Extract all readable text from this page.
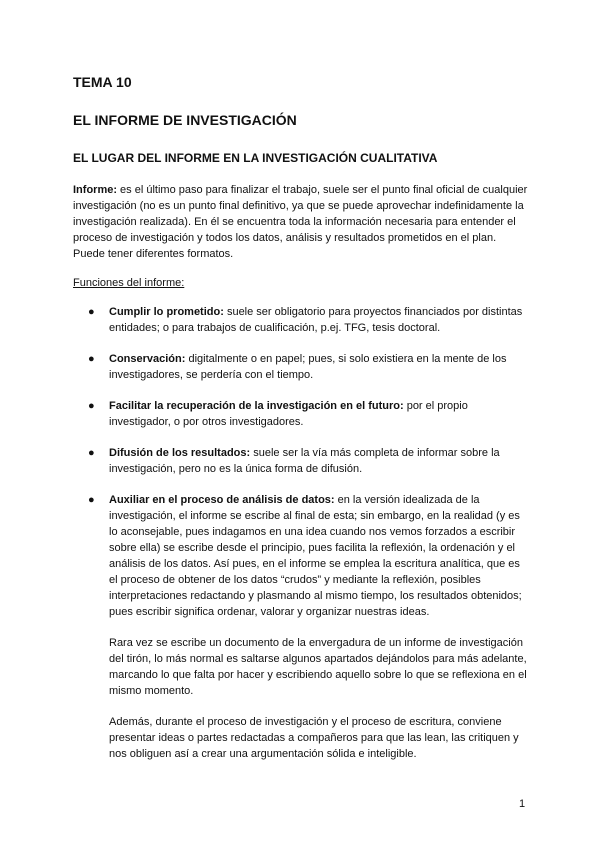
TEMA 10
EL INFORME DE INVESTIGACIÓN
EL LUGAR DEL INFORME EN LA INVESTIGACIÓN CUALITATIVA

Informe: es el último paso para finalizar el trabajo, suele ser el punto final oficial de cualquier investigación (no es un punto final definitivo, ya que se puede aprovechar indefinidamente la investigación realizada). En él se encuentra toda la información necesaria para entender el proceso de investigación y todos los datos, análisis y resultados prometidos en el plan. Puede tener diferentes formatos.

Funciones del informe:

● Cumplir lo prometido: suele ser obligatorio para proyectos financiados por distintas entidades; o para trabajos de cualificación, p.ej. TFG, tesis doctoral.
● Conservación: digitalmente o en papel; pues, si solo existiera en la mente de los investigadores, se perdería con el tiempo.
● Facilitar la recuperación de la investigación en el futuro: por el propio investigador, o por otros investigadores.
● Difusión de los resultados: suele ser la vía más completa de informar sobre la investigación, pero no es la única forma de difusión.
● Auxiliar en el proceso de análisis de datos: en la versión idealizada de la investigación, el informe se escribe al final de esta; sin embargo, en la realidad (y es lo aconsejable, pues indagamos en una idea cuando nos vemos forzados a escribir sobre ella) se escribe desde el principio, pues facilita la reflexión, la ordenación y el análisis de los datos. Así pues, en el informe se emplea la escritura analítica, que es el proceso de obtener de los datos “crudos” y mediante la reflexión, posibles interpretaciones redactando y plasmando al mismo tiempo, los resultados obtenidos; pues escribir significa ordenar, valorar y organizar nuestras ideas.
Rara vez se escribe un documento de la envergadura de un informe de investigación del tirón, lo más normal es saltarse algunos apartados dejándolos para más adelante, marcando lo que falta por hacer y escribiendo aquello sobre lo que se reflexiona en el mismo momento.
Además, durante el proceso de investigación y el proceso de escritura, conviene presentar ideas o partes redactadas a compañeros para que las lean, las critiquen y nos obliguen así a crear una argumentación sólida e inteligible.
1
